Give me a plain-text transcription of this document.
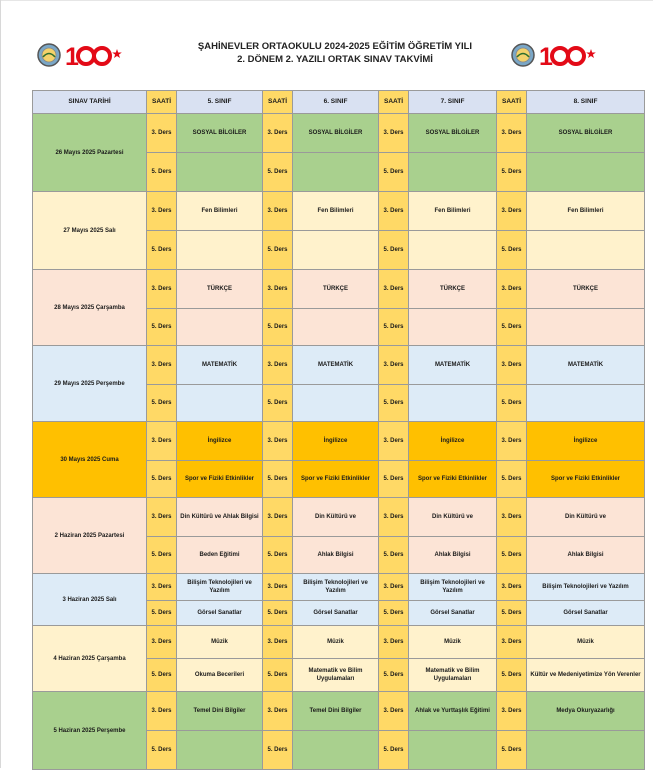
1	ŞAHİNEVLER ORTAOKULU 2024-2025 EĞİTİM ÖĞRETİM YILI
2. DÖNEM 2. YAZILI ORTAK SINAV TAKVİMİ	1
SINAV TARİHİ	SAATİ	5. SINIF	SAATİ	6. SINIF	SAATİ	7. SINIF	SAATİ	8. SINIF
26 Mayıs 2025 Pazartesi	3. Ders	SOSYAL BİLGİLER	3. Ders	SOSYAL BİLGİLER	3. Ders	SOSYAL BİLGİLER	3. Ders	SOSYAL BİLGİLER
	5. Ders		5. Ders		5. Ders		5. Ders	
27 Mayıs 2025 Salı	3. Ders	Fen Bilimleri	3. Ders	Fen Bilimleri	3. Ders	Fen Bilimleri	3. Ders	Fen Bilimleri
	5. Ders		5. Ders		5. Ders		5. Ders	
28 Mayıs 2025 Çarşamba	3. Ders	TÜRKÇE	3. Ders	TÜRKÇE	3. Ders	TÜRKÇE	3. Ders	TÜRKÇE
	5. Ders		5. Ders		5. Ders		5. Ders	
29 Mayıs 2025 Perşembe	3. Ders	MATEMATİK	3. Ders	MATEMATİK	3. Ders	MATEMATİK	3. Ders	MATEMATİK
	5. Ders		5. Ders		5. Ders		5. Ders	
30 Mayıs 2025 Cuma	3. Ders	İngilizce	3. Ders	İngilizce	3. Ders	İngilizce	3. Ders	İngilizce
	5. Ders	Spor ve Fiziki Etkinlikler	5. Ders	Spor ve Fiziki Etkinlikler	5. Ders	Spor ve Fiziki Etkinlikler	5. Ders	Spor ve Fiziki Etkinlikler
2 Haziran 2025 Pazartesi	3. Ders	Din Kültürü ve Ahlak Bilgisi	3. Ders	Din Kültürü ve	3. Ders	Din Kültürü ve	3. Ders	Din Kültürü ve
	5. Ders	Beden Eğitimi	5. Ders	Ahlak Bilgisi	5. Ders	Ahlak Bilgisi	5. Ders	Ahlak Bilgisi
3 Haziran 2025 Salı	3. Ders	Bilişim Teknolojileri ve Yazılım	3. Ders	Bilişim Teknolojileri ve Yazılım	3. Ders	Bilişim Teknolojileri ve Yazılım	3. Ders	Bilişim Teknolojileri ve Yazılım
	5. Ders	Görsel Sanatlar	5. Ders	Görsel Sanatlar	5. Ders	Görsel Sanatlar	5. Ders	Görsel Sanatlar
4 Haziran 2025 Çarşamba	3. Ders	Müzik	3. Ders	Müzik	3. Ders	Müzik	3. Ders	Müzik
	5. Ders	Okuma Becerileri	5. Ders	Matematik ve Bilim Uygulamaları	5. Ders	Matematik ve Bilim Uygulamaları	5. Ders	Kültür ve Medeniyetimize Yön Verenler
5 Haziran 2025 Perşembe	3. Ders	Temel Dini Bilgiler	3. Ders	Temel Dini Bilgiler	3. Ders	Ahlak ve Yurttaşlık Eğitimi	3. Ders	Medya Okuryazarlığı
	5. Ders		5. Ders		5. Ders		5. Ders	
